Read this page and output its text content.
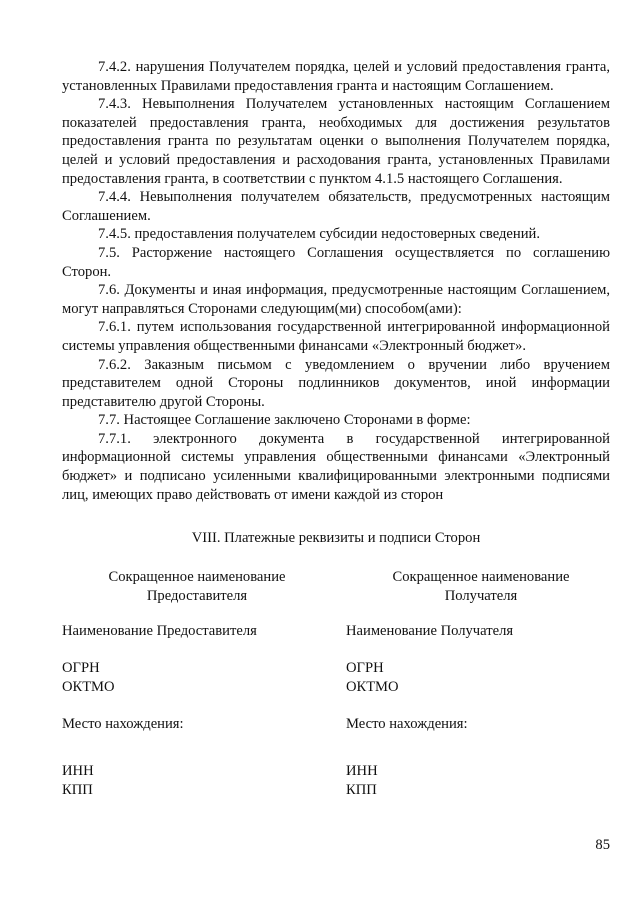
7.4.2. нарушения Получателем порядка, целей и условий предоставления гранта, установленных Правилами предоставления гранта и настоящим Соглашением.

7.4.3. Невыполнения Получателем установленных настоящим Соглашением показателей предоставления гранта, необходимых для достижения результатов предоставления гранта по результатам оценки о выполнения Получателем порядка, целей и условий предоставления и расходования гранта, установленных Правилами предоставления гранта, в соответствии с пунктом 4.1.5 настоящего Соглашения.

7.4.4. Невыполнения получателем обязательств, предусмотренных настоящим Соглашением.

7.4.5. предоставления получателем субсидии недостоверных сведений.

7.5. Расторжение настоящего Соглашения осуществляется по соглашению Сторон.

7.6. Документы и иная информация, предусмотренные настоящим Соглашением, могут направляться Сторонами следующим(ми) способом(ами):

7.6.1. путем использования государственной интегрированной информационной системы управления общественными финансами «Электронный бюджет».

7.6.2. Заказным письмом с уведомлением о вручении либо вручением представителем одной Стороны подлинников документов, иной информации представителю другой Стороны.

7.7. Настоящее Соглашение заключено Сторонами в форме:

7.7.1. электронного документа в государственной интегрированной информационной системы управления общественными финансами «Электронный бюджет» и подписано усиленными квалифицированными электронными подписями лиц, имеющих право действовать от имени каждой из сторон

VIII. Платежные реквизиты и подписи Сторон
Сокращенное наименование
Предоставителя
Наименование Предоставителя
ОГРН
ОКТМО
Место нахождения:
ИНН
КПП
Сокращенное наименование
Получателя
Наименование Получателя
ОГРН
ОКТМО
Место нахождения:
ИНН
КПП
85
